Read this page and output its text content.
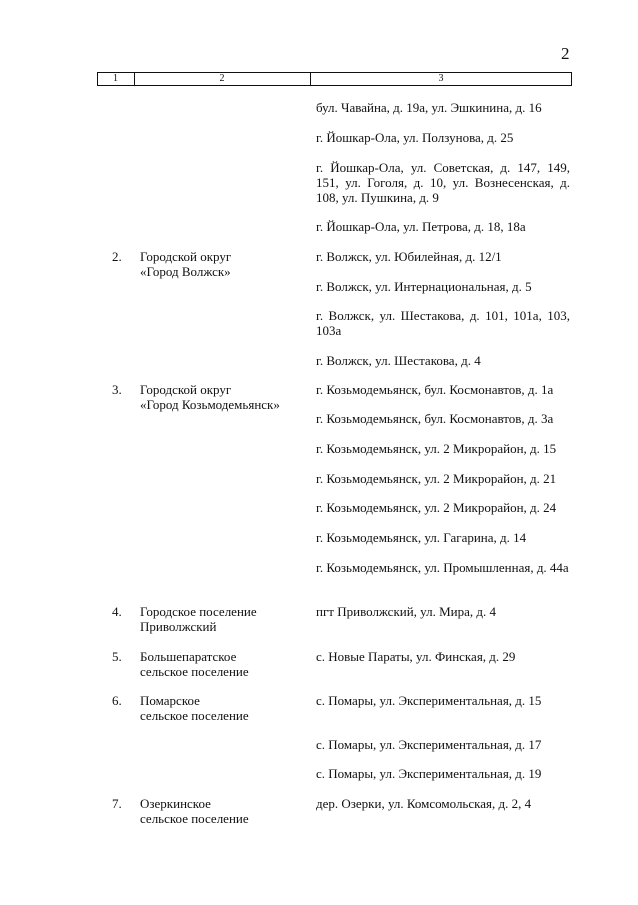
2
1	2	3
бул. Чавайна, д. 19а, ул. Эшкинина, д. 16
г. Йошкар-Ола, ул. Ползунова, д. 25
г. Йошкар-Ола, ул. Советская, д. 147, 149, 151, ул. Гоголя, д. 10, ул. Вознесенская, д. 108, ул. Пушкина, д. 9
г. Йошкар-Ола, ул. Петрова, д. 18, 18а
2. Городской округ
«Город Волжск»
г. Волжск, ул. Юбилейная, д. 12/1
г. Волжск, ул. Интернациональная, д. 5
г. Волжск, ул. Шестакова, д. 101, 101а, 103, 103а
г. Волжск, ул. Шестакова, д. 4
3. Городской округ
«Город Козьмодемьянск»
г. Козьмодемьянск, бул. Космонавтов, д. 1а
г. Козьмодемьянск, бул. Космонавтов, д. 3а
г. Козьмодемьянск, ул. 2 Микрорайон, д. 15
г. Козьмодемьянск, ул. 2 Микрорайон, д. 21
г. Козьмодемьянск, ул. 2 Микрорайон, д. 24
г. Козьмодемьянск, ул. Гагарина, д. 14
г. Козьмодемьянск, ул. Промышленная, д. 44а
4. Городское поселение
Приволжский
пгт Приволжский, ул. Мира, д. 4
5. Большепаратское
сельское поселение
с. Новые Параты, ул. Финская, д. 29
6. Помарское
сельское поселение
с. Помары, ул. Экспериментальная, д. 15
с. Помары, ул. Экспериментальная, д. 17
с. Помары, ул. Экспериментальная, д. 19
7. Озеркинское
сельское поселение
дер. Озерки, ул. Комсомольская, д. 2, 4
